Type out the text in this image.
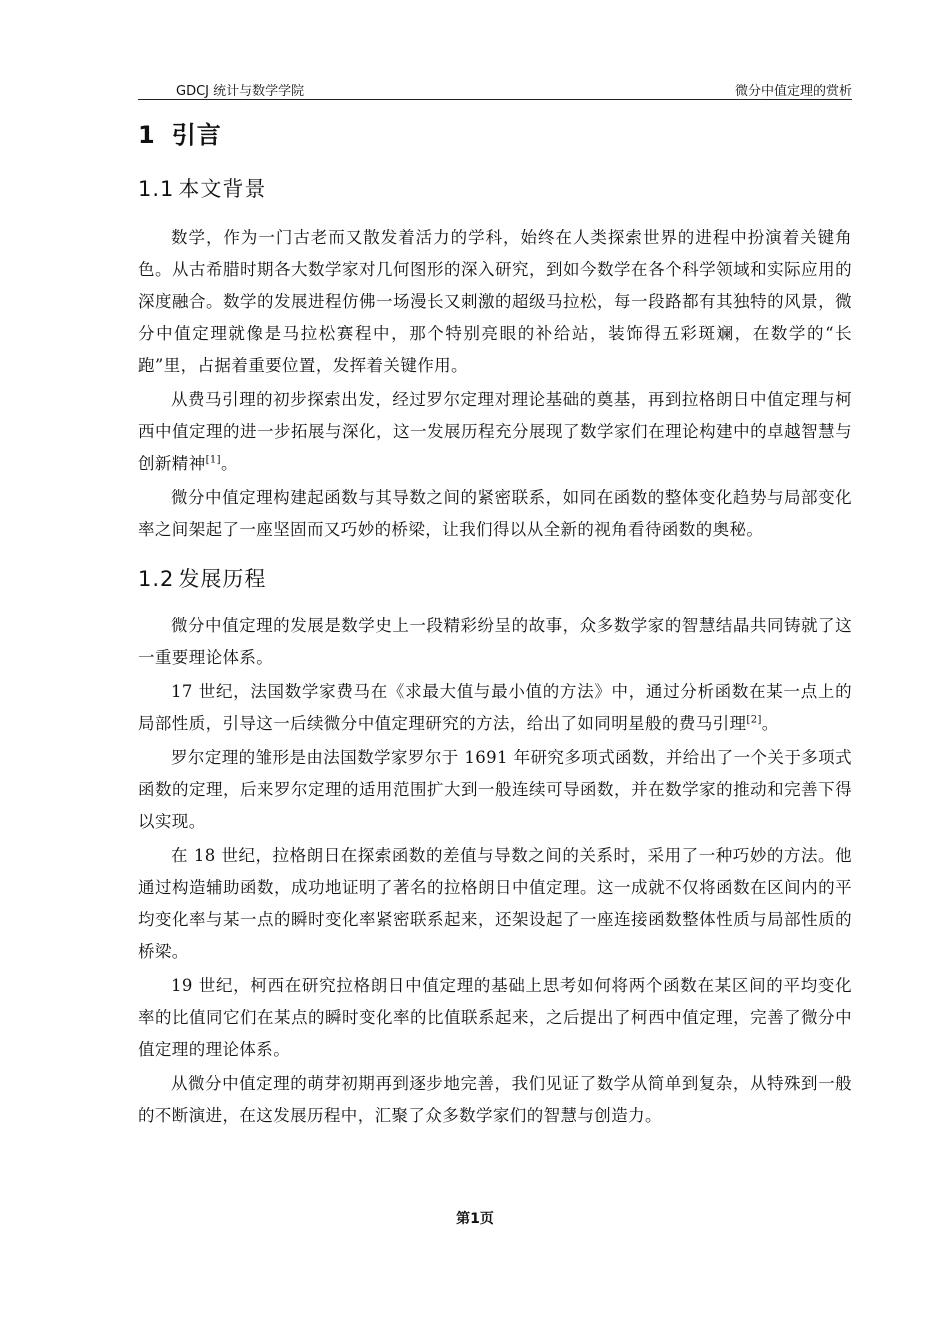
GDCJ 统计与数学学院	微分中值定理的赏析
1 引言
1.1 本文背景

数学，作为一门古老而又散发着活力的学科，始终在人类探索世界的进程中扮演着关键角色。从古希腊时期各大数学家对几何图形的深入研究，到如今数学在各个科学领域和实际应用的深度融合。数学的发展进程仿佛一场漫长又刺激的超级马拉松，每一段路都有其独特的风景，微分中值定理就像是马拉松赛程中，那个特别亮眼的补给站，装饰得五彩斑斓，在数学的“长跑”里，占据着重要位置，发挥着关键作用。

从费马引理的初步探索出发，经过罗尔定理对理论基础的奠基，再到拉格朗日中值定理与柯西中值定理的进一步拓展与深化，这一发展历程充分展现了数学家们在理论构建中的卓越智慧与创新精神[1]。

微分中值定理构建起函数与其导数之间的紧密联系，如同在函数的整体变化趋势与局部变化率之间架起了一座坚固而又巧妙的桥梁，让我们得以从全新的视角看待函数的奥秘。

1.2 发展历程

微分中值定理的发展是数学史上一段精彩纷呈的故事，众多数学家的智慧结晶共同铸就了这一重要理论体系。

17 世纪，法国数学家费马在《求最大值与最小值的方法》中，通过分析函数在某一点上的局部性质，引导这一后续微分中值定理研究的方法，给出了如同明星般的费马引理[2]。

罗尔定理的雏形是由法国数学家罗尔于 1691 年研究多项式函数，并给出了一个关于多项式函数的定理，后来罗尔定理的适用范围扩大到一般连续可导函数，并在数学家的推动和完善下得以实现。

在 18 世纪，拉格朗日在探索函数的差值与导数之间的关系时，采用了一种巧妙的方法。他通过构造辅助函数，成功地证明了著名的拉格朗日中值定理。这一成就不仅将函数在区间内的平均变化率与某一点的瞬时变化率紧密联系起来，还架设起了一座连接函数整体性质与局部性质的桥梁。

19 世纪，柯西在研究拉格朗日中值定理的基础上思考如何将两个函数在某区间的平均变化率的比值同它们在某点的瞬时变化率的比值联系起来，之后提出了柯西中值定理，完善了微分中值定理的理论体系。

从微分中值定理的萌芽初期再到逐步地完善，我们见证了数学从简单到复杂，从特殊到一般的不断演进，在这发展历程中，汇聚了众多数学家们的智慧与创造力。

第1页
